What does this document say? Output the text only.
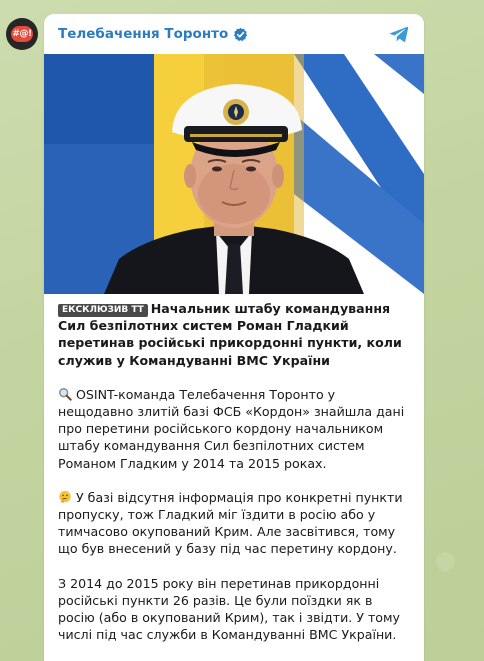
#@! Телебачення Торонто

ЕКСКЛЮЗИВ ТТ Начальник штабу командування Сил безпілотних систем Роман Гладкий перетинав російські прикордонні пункти, коли служив у Командуванні ВМС України

OSINT-команда Телебачення Торонто у нещодавно злитій базі ФСБ «Кордон» знайшла дані про перетини російського кордону начальником штабу командування Сил безпілотних систем Романом Гладким у 2014 та 2015 роках.

У базі відсутня інформація про конкретні пункти пропуску, тож Гладкий міг їздити в росію або у тимчасово окупований Крим. Але засвітився, тому що був внесений у базу під час перетину кордону.

З 2014 до 2015 року він перетинав прикордонні російські пункти 26 разів. Це були поїздки як в росію (або в окупований Крим), так і звідти. У тому числі під час служби в Командуванні ВМС України.
